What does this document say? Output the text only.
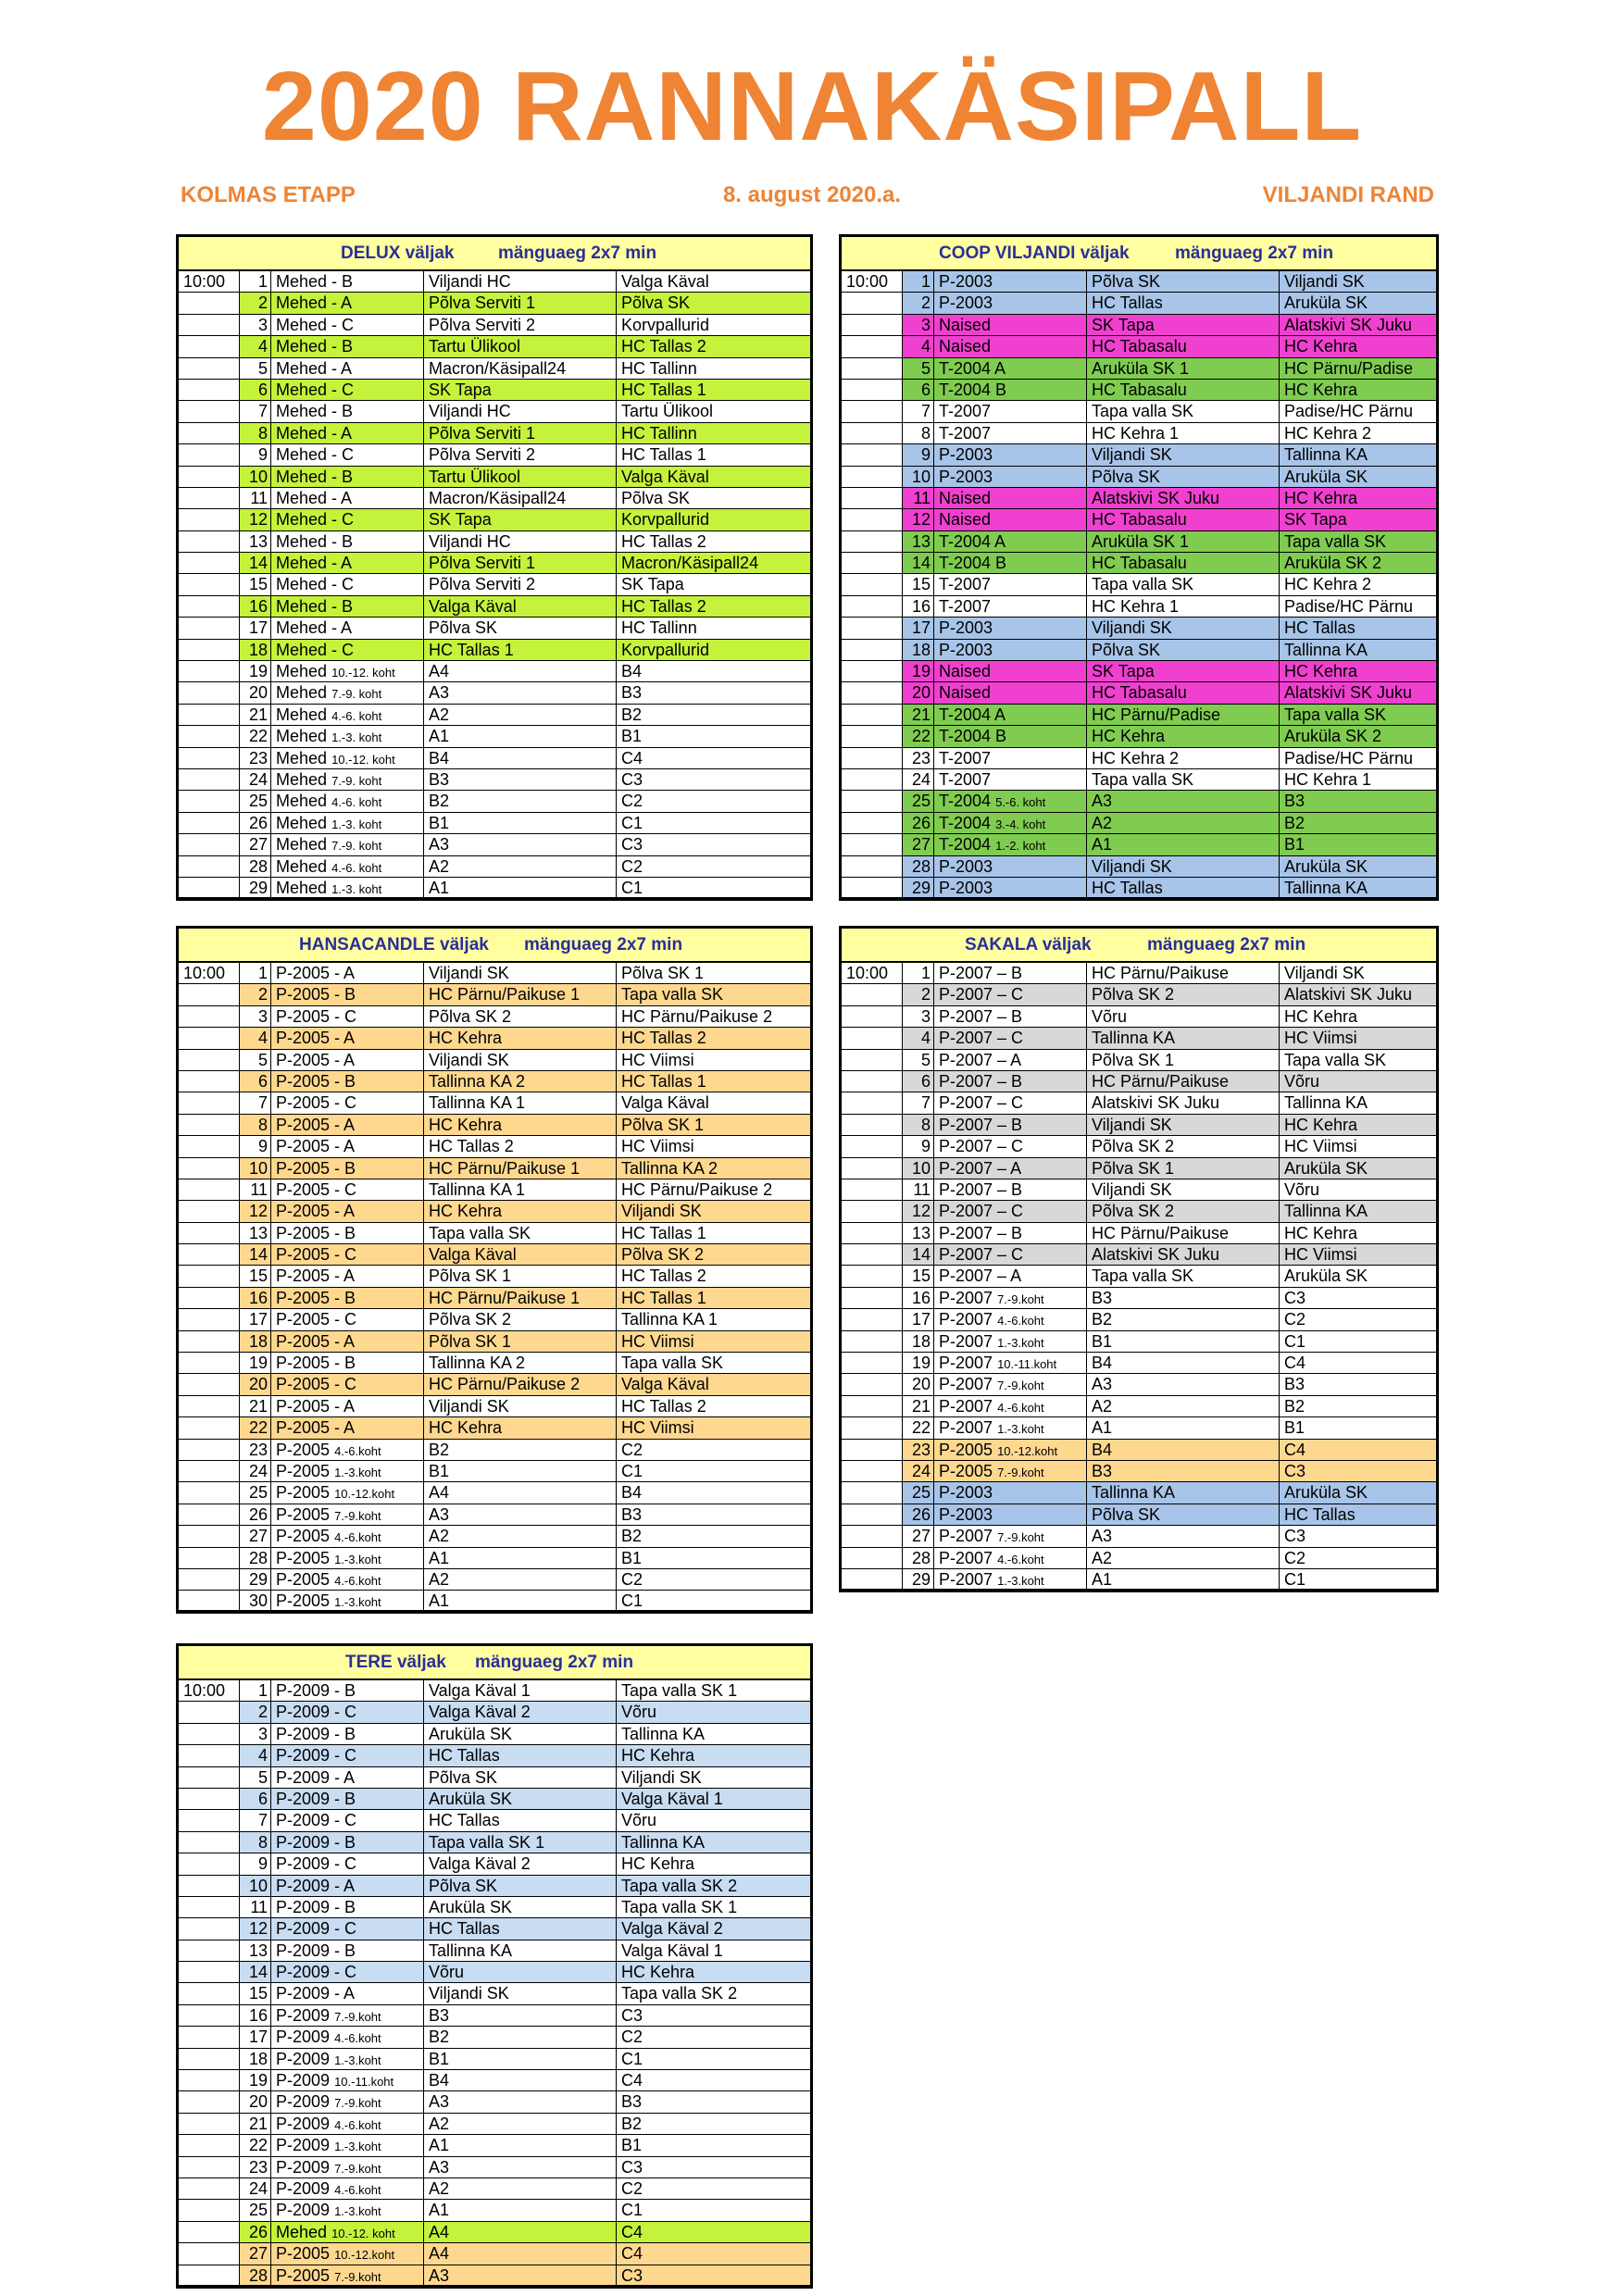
2020 RANNAKÄSIPALL
KOLMAS ETAPP	8. august 2020.a.	VILJANDI RAND
DELUX väljak	mänguaeg 2x7 min
10:00	1 Mehed - B	Viljandi HC	Valga Käval
2 Mehed - A	Põlva Serviti 1	Põlva SK
3 Mehed - C	Põlva Serviti 2	Korvpallurid
4 Mehed - B	Tartu Ülikool	HC Tallas 2
5 Mehed - A	Macron/Käsipall24	HC Tallinn
6 Mehed - C	SK Tapa	HC Tallas 1
7 Mehed - B	Viljandi HC	Tartu Ülikool
8 Mehed - A	Põlva Serviti 1	HC Tallinn
9 Mehed - C	Põlva Serviti 2	HC Tallas 1
10 Mehed - B	Tartu Ülikool	Valga Käval
11 Mehed - A	Macron/Käsipall24	Põlva SK
12 Mehed - C	SK Tapa	Korvpallurid
13 Mehed - B	Viljandi HC	HC Tallas 2
14 Mehed - A	Põlva Serviti 1	Macron/Käsipall24
15 Mehed - C	Põlva Serviti 2	SK Tapa
16 Mehed - B	Valga Käval	HC Tallas 2
17 Mehed - A	Põlva SK	HC Tallinn
18 Mehed - C	HC Tallas 1	Korvpallurid
19 Mehed 10.-12. koht	A4	B4
20 Mehed 7.-9. koht	A3	B3
21 Mehed 4.-6. koht	A2	B2
22 Mehed 1.-3. koht	A1	B1
23 Mehed 10.-12. koht	B4	C4
24 Mehed 7.-9. koht	B3	C3
25 Mehed 4.-6. koht	B2	C2
26 Mehed 1.-3. koht	B1	C1
27 Mehed 7.-9. koht	A3	C3
28 Mehed 4.-6. koht	A2	C2
29 Mehed 1.-3. koht	A1	C1
COOP VILJANDI väljak	mänguaeg 2x7 min
10:00	1 P-2003	Põlva SK	Viljandi SK
2 P-2003	HC Tallas	Aruküla SK
3 Naised	SK Tapa	Alatskivi SK Juku
4 Naised	HC Tabasalu	HC Kehra
5 T-2004 A	Aruküla SK 1	HC Pärnu/Padise
6 T-2004 B	HC Tabasalu	HC Kehra
7 T-2007	Tapa valla SK	Padise/HC Pärnu
8 T-2007	HC Kehra 1	HC Kehra 2
9 P-2003	Viljandi SK	Tallinna KA
10 P-2003	Põlva SK	Aruküla SK
11 Naised	Alatskivi SK Juku	HC Kehra
12 Naised	HC Tabasalu	SK Tapa
13 T-2004 A	Aruküla SK 1	Tapa valla SK
14 T-2004 B	HC Tabasalu	Aruküla SK 2
15 T-2007	Tapa valla SK	HC Kehra 2
16 T-2007	HC Kehra 1	Padise/HC Pärnu
17 P-2003	Viljandi SK	HC Tallas
18 P-2003	Põlva SK	Tallinna KA
19 Naised	SK Tapa	HC Kehra
20 Naised	HC Tabasalu	Alatskivi SK Juku
21 T-2004 A	HC Pärnu/Padise	Tapa valla SK
22 T-2004 B	HC Kehra	Aruküla SK 2
23 T-2007	HC Kehra 2	Padise/HC Pärnu
24 T-2007	Tapa valla SK	HC Kehra 1
25 T-2004 5.-6. koht	A3	B3
26 T-2004 3.-4. koht	A2	B2
27 T-2004 1.-2. koht	A1	B1
28 P-2003	Viljandi SK	Aruküla SK
29 P-2003	HC Tallas	Tallinna KA
HANSACANDLE väljak mänguaeg 2x7 min
10:00	1 P-2005 - A	Viljandi SK	Põlva SK 1
2 P-2005 - B	HC Pärnu/Paikuse 1	Tapa valla SK
3 P-2005 - C	Põlva SK 2	HC Pärnu/Paikuse 2
4 P-2005 - A	HC Kehra	HC Tallas 2
5 P-2005 - A	Viljandi SK	HC Viimsi
6 P-2005 - B	Tallinna KA 2	HC Tallas 1
7 P-2005 - C	Tallinna KA 1	Valga Käval
8 P-2005 - A	HC Kehra	Põlva SK 1
9 P-2005 - A	HC Tallas 2	HC Viimsi
10 P-2005 - B	HC Pärnu/Paikuse 1	Tallinna KA 2
11 P-2005 - C	Tallinna KA 1	HC Pärnu/Paikuse 2
12 P-2005 - A	HC Kehra	Viljandi SK
13 P-2005 - B	Tapa valla SK	HC Tallas 1
14 P-2005 - C	Valga Käval	Põlva SK 2
15 P-2005 - A	Põlva SK 1	HC Tallas 2
16 P-2005 - B	HC Pärnu/Paikuse 1	HC Tallas 1
17 P-2005 - C	Põlva SK 2	Tallinna KA 1
18 P-2005 - A	Põlva SK 1	HC Viimsi
19 P-2005 - B	Tallinna KA 2	Tapa valla SK
20 P-2005 - C	HC Pärnu/Paikuse 2	Valga Käval
21 P-2005 - A	Viljandi SK	HC Tallas 2
22 P-2005 - A	HC Kehra	HC Viimsi
23 P-2005 4.-6.koht	B2	C2
24 P-2005 1.-3.koht	B1	C1
25 P-2005 10.-12.koht	A4	B4
26 P-2005 7.-9.koht	A3	B3
27 P-2005 4.-6.koht	A2	B2
28 P-2005 1.-3.koht	A1	B1
29 P-2005 4.-6.koht	A2	C2
30 P-2005 1.-3.koht	A1	C1
SAKALA väljak	mänguaeg 2x7 min
10:00	1 P-2007 – B	HC Pärnu/Paikuse	Viljandi SK
2 P-2007 – C	Põlva SK 2	Alatskivi SK Juku
3 P-2007 – B	Võru	HC Kehra
4 P-2007 – C	Tallinna KA	HC Viimsi
5 P-2007 – A	Põlva SK 1	Tapa valla SK
6 P-2007 – B	HC Pärnu/Paikuse	Võru
7 P-2007 – C	Alatskivi SK Juku	Tallinna KA
8 P-2007 – B	Viljandi SK	HC Kehra
9 P-2007 – C	Põlva SK 2	HC Viimsi
10 P-2007 – A	Põlva SK 1	Aruküla SK
11 P-2007 – B	Viljandi SK	Võru
12 P-2007 – C	Põlva SK 2	Tallinna KA
13 P-2007 – B	HC Pärnu/Paikuse	HC Kehra
14 P-2007 – C	Alatskivi SK Juku	HC Viimsi
15 P-2007 – A	Tapa valla SK	Aruküla SK
16 P-2007 7.-9.koht	B3	C3
17 P-2007 4.-6.koht	B2	C2
18 P-2007 1.-3.koht	B1	C1
19 P-2007 10.-11.koht	B4	C4
20 P-2007 7.-9.koht	A3	B3
21 P-2007 4.-6.koht	A2	B2
22 P-2007 1.-3.koht	A1	B1
23 P-2005 10.-12.koht	B4	C4
24 P-2005 7.-9.koht	B3	C3
25 P-2003	Tallinna KA	Aruküla SK
26 P-2003	Põlva SK	HC Tallas
27 P-2007 7.-9.koht	A3	C3
28 P-2007 4.-6.koht	A2	C2
29 P-2007 1.-3.koht	A1	C1
TERE väljak mänguaeg 2x7 min
10:00	1 P-2009 - B	Valga Käval 1	Tapa valla SK 1
2 P-2009 - C	Valga Käval 2	Võru
3 P-2009 - B	Aruküla SK	Tallinna KA
4 P-2009 - C	HC Tallas	HC Kehra
5 P-2009 - A	Põlva SK	Viljandi SK
6 P-2009 - B	Aruküla SK	Valga Käval 1
7 P-2009 - C	HC Tallas	Võru
8 P-2009 - B	Tapa valla SK 1	Tallinna KA
9 P-2009 - C	Valga Käval 2	HC Kehra
10 P-2009 - A	Põlva SK	Tapa valla SK 2
11 P-2009 - B	Aruküla SK	Tapa valla SK 1
12 P-2009 - C	HC Tallas	Valga Käval 2
13 P-2009 - B	Tallinna KA	Valga Käval 1
14 P-2009 - C	Võru	HC Kehra
15 P-2009 - A	Viljandi SK	Tapa valla SK 2
16 P-2009 7.-9.koht	B3	C3
17 P-2009 4.-6.koht	B2	C2
18 P-2009 1.-3.koht	B1	C1
19 P-2009 10.-11.koht	B4	C4
20 P-2009 7.-9.koht	A3	B3
21 P-2009 4.-6.koht	A2	B2
22 P-2009 1.-3.koht	A1	B1
23 P-2009 7.-9.koht	A3	C3
24 P-2009 4.-6.koht	A2	C2
25 P-2009 1.-3.koht	A1	C1
26 Mehed 10.-12. koht	A4	C4
27 P-2005 10.-12.koht	A4	C4
28 P-2005 7.-9.koht	A3	C3
